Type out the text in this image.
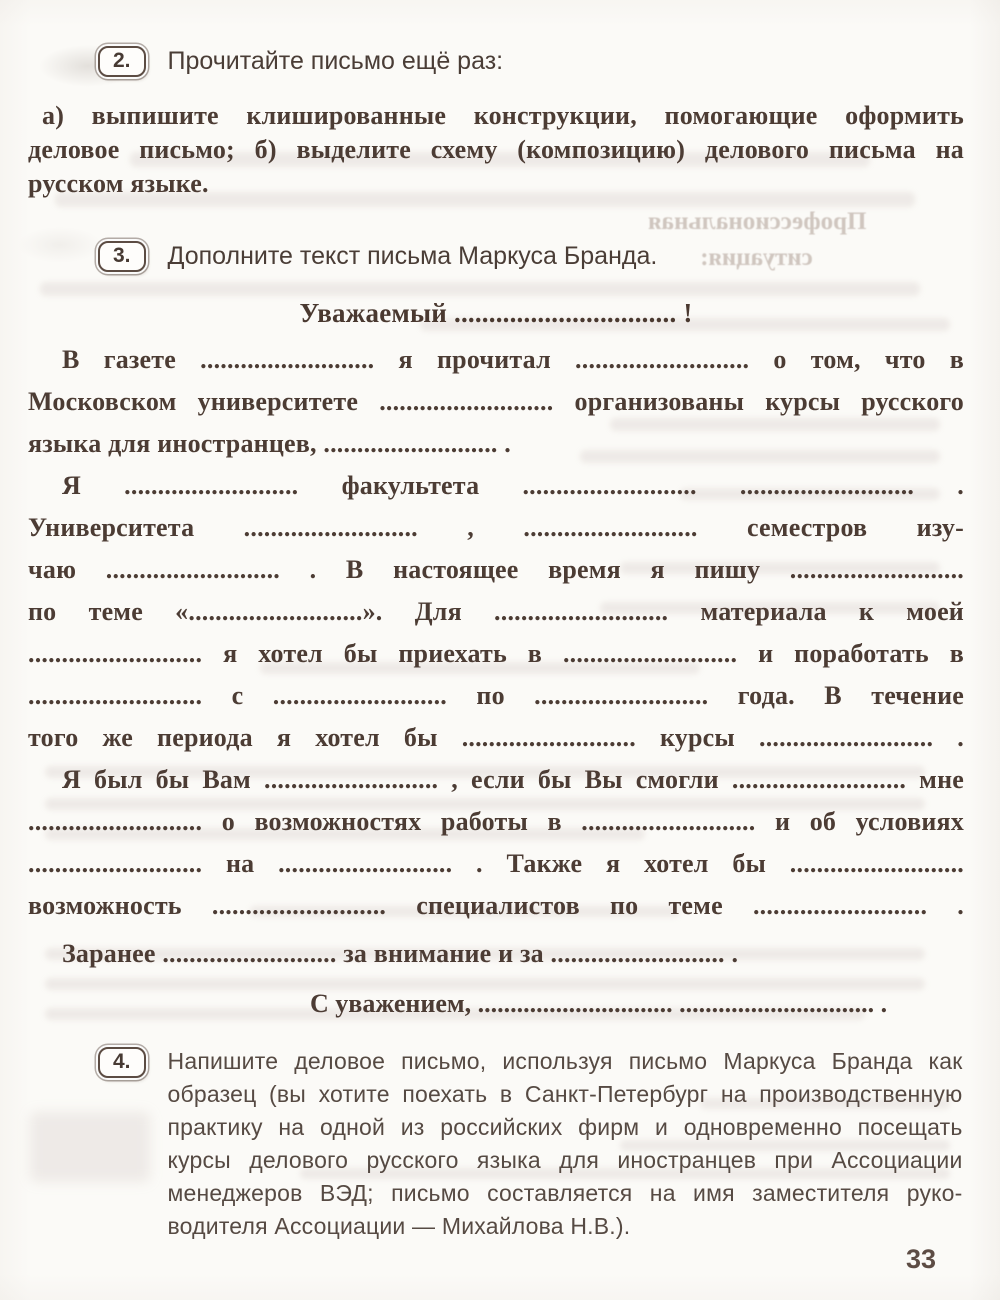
Профессиональная
ситуация:
2.	Прочитайте письмо ещё раз:
а) выпишите клишированные конструкции, помогающие оформить
деловое письмо; б) выделите схему (композицию) делового письма на
русском языке.
3.	Дополните текст письма Маркуса Бранда.
Уважаемый ................................ !
В газете .......................... я прочитал .......................... о том, что в
Московском университете .......................... организованы курсы русского
языка для иностранцев, .......................... .
Я .......................... факультета .......................... .......................... .
Университета .......................... , .......................... семестров изу-
чаю .......................... . В настоящее время я пишу ..........................
по теме «..........................». Для .......................... материала к моей
.......................... я хотел бы приехать в .......................... и поработать в
.......................... с .......................... по .......................... года. В течение
того же периода я хотел бы .......................... курсы .......................... .
Я был бы Вам .......................... , если бы Вы смогли .......................... мне
.......................... о возможностях работы в .......................... и об условиях
.......................... на .......................... . Также я хотел бы ..........................
возможность .......................... специалистов по теме .......................... .
Заранее .......................... за внимание и за .......................... .
С уважением, .............................. .............................. .
4.	Напишите деловое письмо, используя письмо Маркуса Бранда как
образец (вы хотите поехать в Санкт-Петербург на производственную
практику на одной из российских фирм и одновременно посещать
курсы делового русского языка для иностранцев при Ассоциации
менеджеров ВЭД; письмо составляется на имя заместителя руко-
водителя Ассоциации — Михайлова Н.В.).
33
